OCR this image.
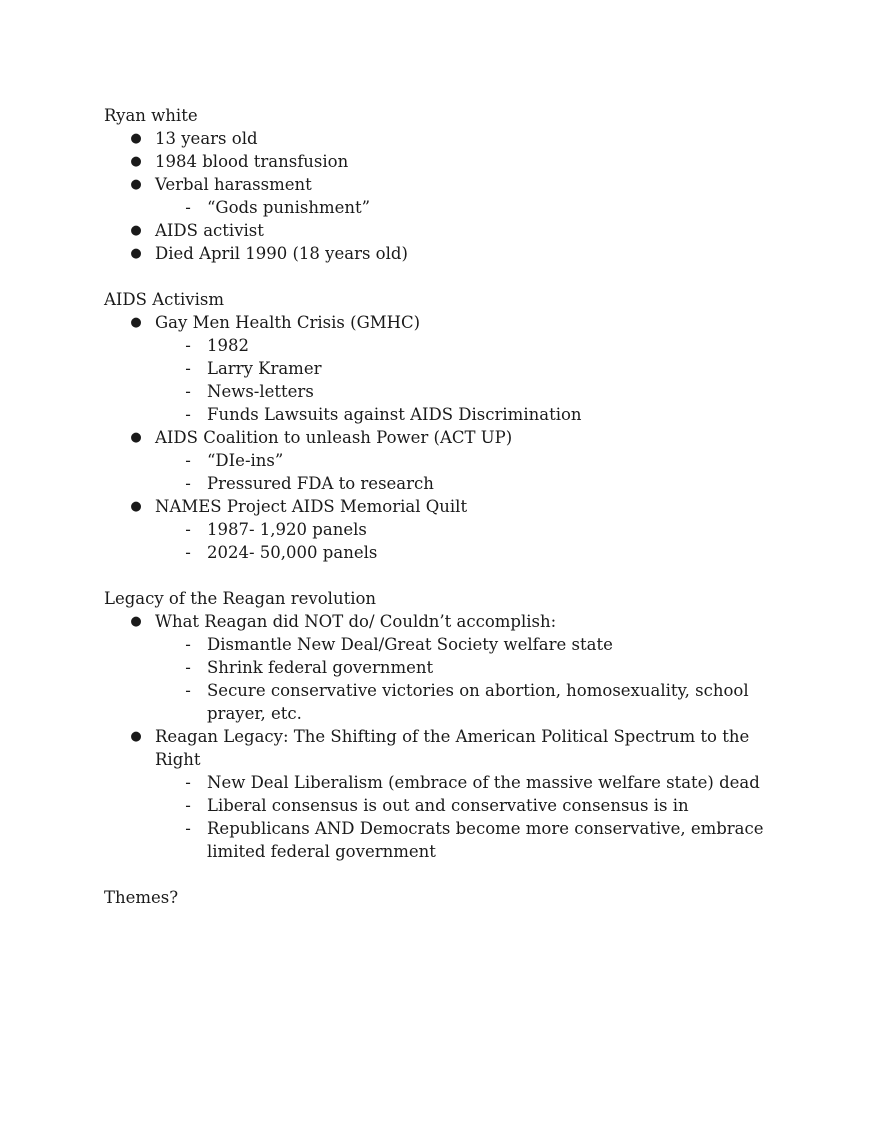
Ryan white
● 13 years old
● 1984 blood transfusion
● Verbal harassment
- “Gods punishment”
● AIDS activist
● Died April 1990 (18 years old)
AIDS Activism
● Gay Men Health Crisis (GMHC)
- 1982
- Larry Kramer
- News-letters
- Funds Lawsuits against AIDS Discrimination
● AIDS Coalition to unleash Power (ACT UP)
- “DIe-ins”
- Pressured FDA to research
● NAMES Project AIDS Memorial Quilt
- 1987- 1,920 panels
- 2024- 50,000 panels
Legacy of the Reagan revolution
● What Reagan did NOT do/ Couldn’t accomplish:
- Dismantle New Deal/Great Society welfare state
- Shrink federal government
- Secure conservative victories on abortion, homosexuality, school prayer, etc.
● Reagan Legacy: The Shifting of the American Political Spectrum to the Right
- New Deal Liberalism (embrace of the massive welfare state) dead
- Liberal consensus is out and conservative consensus is in
- Republicans AND Democrats become more conservative, embrace limited federal government
Themes?
